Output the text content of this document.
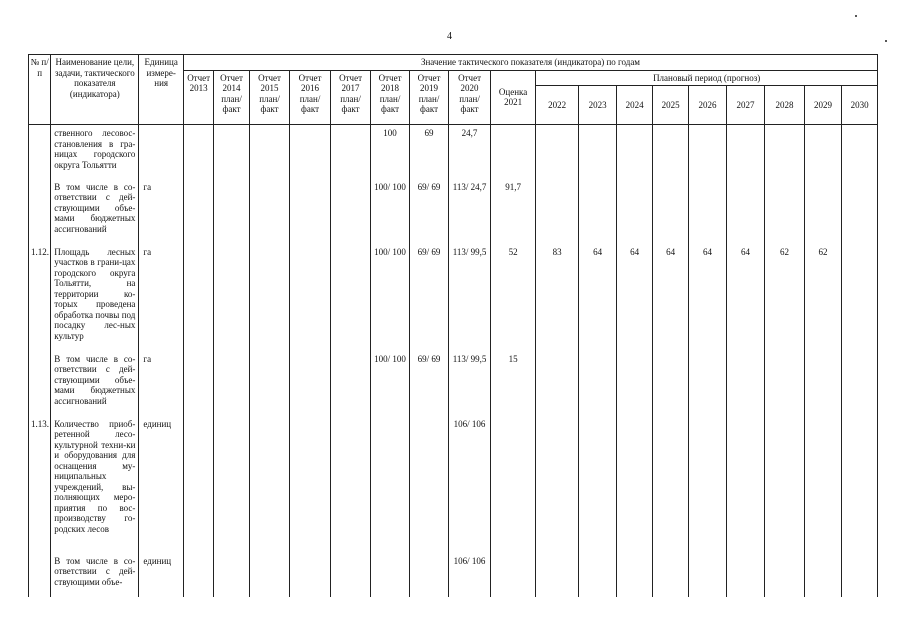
4
№ п/п	Наименование цели, задачи, тактического показателя (индикатора)	Единица измере-ния	Значение тактического показателя (индикатора) по годам																	
			Отчет 2013	Отчет 2014 план/ факт	Отчет 2015 план/ факт	Отчет 2016 план/ факт	Отчет 2017 план/ факт	Отчет 2018 план/ факт	Отчет 2019 план/ факт	Отчет 2020 план/ факт	Оценка 2021	Плановый период (прогноз)								
												2022	2023	2024	2025	2026	2027	2028	2029	2030
	ственного лесовос-становления в гра-ницах городского округа Тольятти							100	69	24,7										
	В том числе в со-ответствии с дей-ствующими объе-мами бюджетных ассигнований	га						100/ 100	69/ 69	113/ 24,7	91,7									
1.12.	Площадь лесных участков в грани-цах городского округа Тольятти, на территории ко-торых проведена обработка почвы под посадку лес-ных культур	га						100/ 100	69/ 69	113/ 99,5	52	83	64	64	64	64	64	62	62	
	В том числе в со-ответствии с дей-ствующими объе-мами бюджетных ассигнований	га						100/ 100	69/ 69	113/ 99,5	15									
1.13.	Количество приоб-ретенной лесо-культурной техни-ки и оборудования для оснащения му-ниципальных учреждений, вы-полняющих меро-приятия по вос-производству го-родских лесов	единиц								106/ 106										
	В том числе в со-ответствии с дей-ствующими объе-	единиц								106/ 106										
